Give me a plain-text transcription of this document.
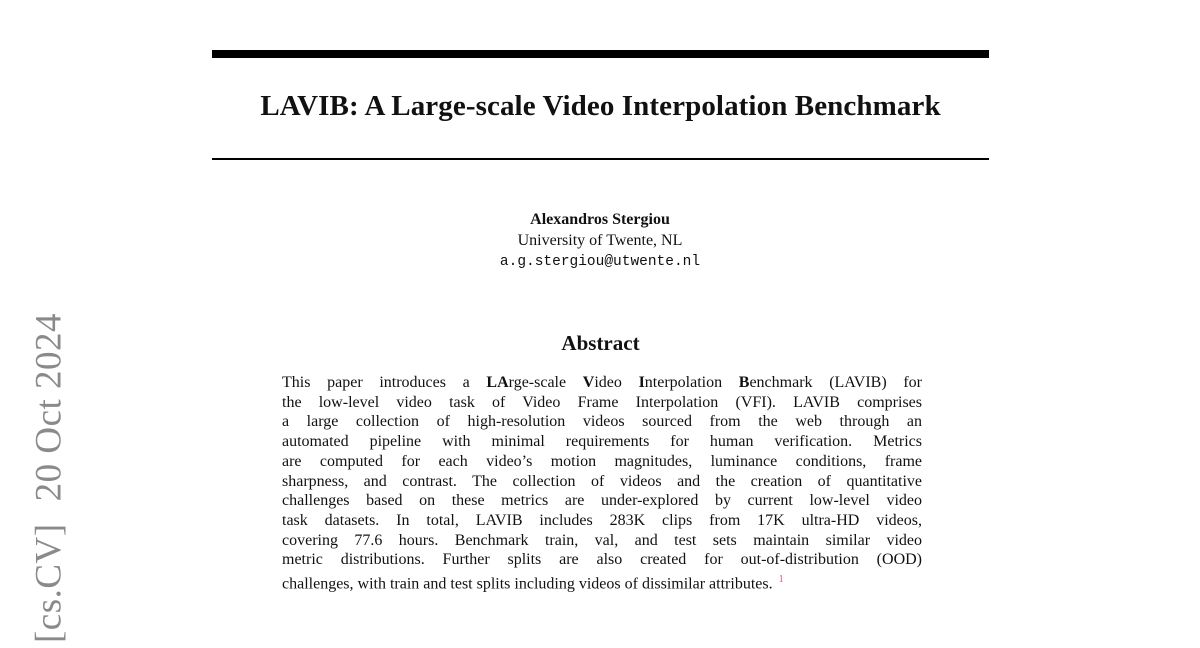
LAVIB: A Large-scale Video Interpolation Benchmark
Alexandros Stergiou
University of Twente, NL
a.g.stergiou@utwente.nl
Abstract
This paper introduces a LArge-scale Video Interpolation Benchmark (LAVIB) for
the low-level video task of Video Frame Interpolation (VFI). LAVIB comprises
a large collection of high-resolution videos sourced from the web through an
automated pipeline with minimal requirements for human verification. Metrics
are computed for each video’s motion magnitudes, luminance conditions, frame
sharpness, and contrast. The collection of videos and the creation of quantitative
challenges based on these metrics are under-explored by current low-level video
task datasets. In total, LAVIB includes 283K clips from 17K ultra-HD videos,
covering 77.6 hours. Benchmark train, val, and test sets maintain similar video
metric distributions. Further splits are also created for out-of-distribution (OOD)
challenges, with train and test splits including videos of dissimilar attributes. $^1$
[cs.CV]20 Oct 2024
